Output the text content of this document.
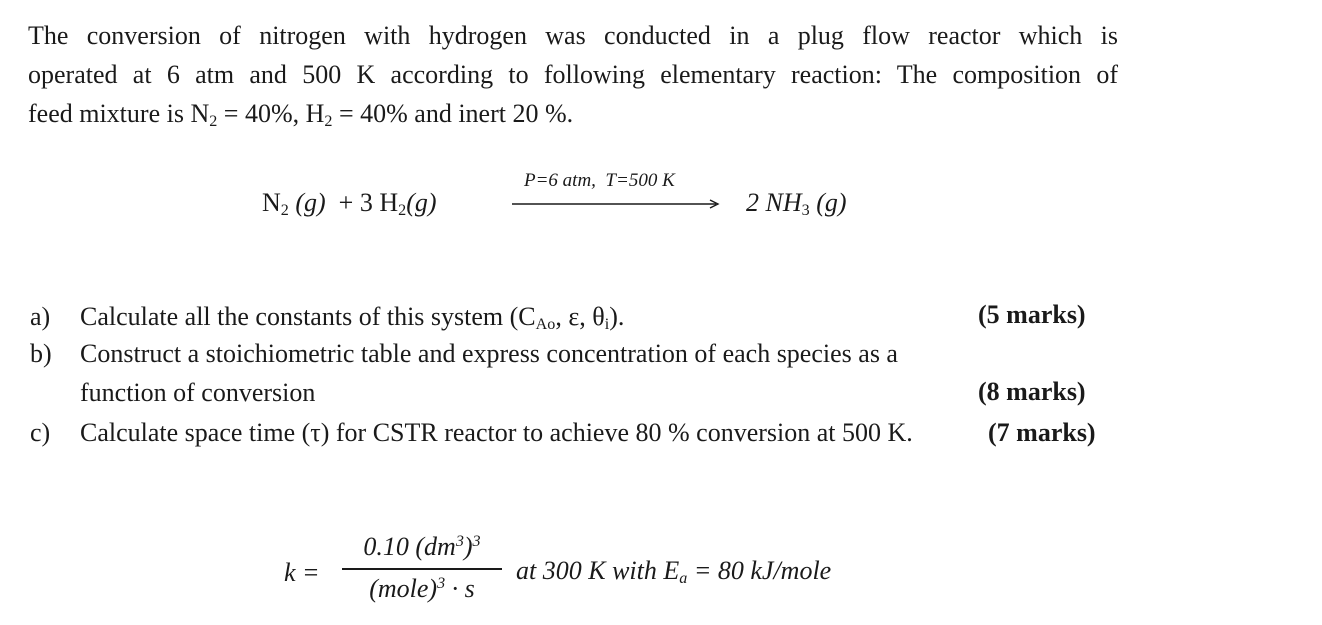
The conversion of nitrogen with hydrogen was conducted in a plug flow reactor which is
operated at 6 atm and 500 K according to following elementary reaction: The composition of
feed mixture is $N_2 = 40\%$, $H_2 = 40\%$ and inert 20 %.
$N_2$ (g)  + 3 $H_2(g)$
P=6 atm,  T=500 K
2 $NH_3$ (g)
a) Calculate all the constants of this system ($C_{Ao}$, ε, $\theta_i$).	(5 marks)
b) Construct a stoichiometric table and express concentration of each species as a
function of conversion	(8 marks)
c) Calculate space time (τ) for CSTR reactor to achieve 80 % conversion at 500 K.	(7 marks)
k =
0.10 $(dm^3)^3$
(mole)$^3$ · s
at 300 K with $E_a = 80$ kJ/mole
